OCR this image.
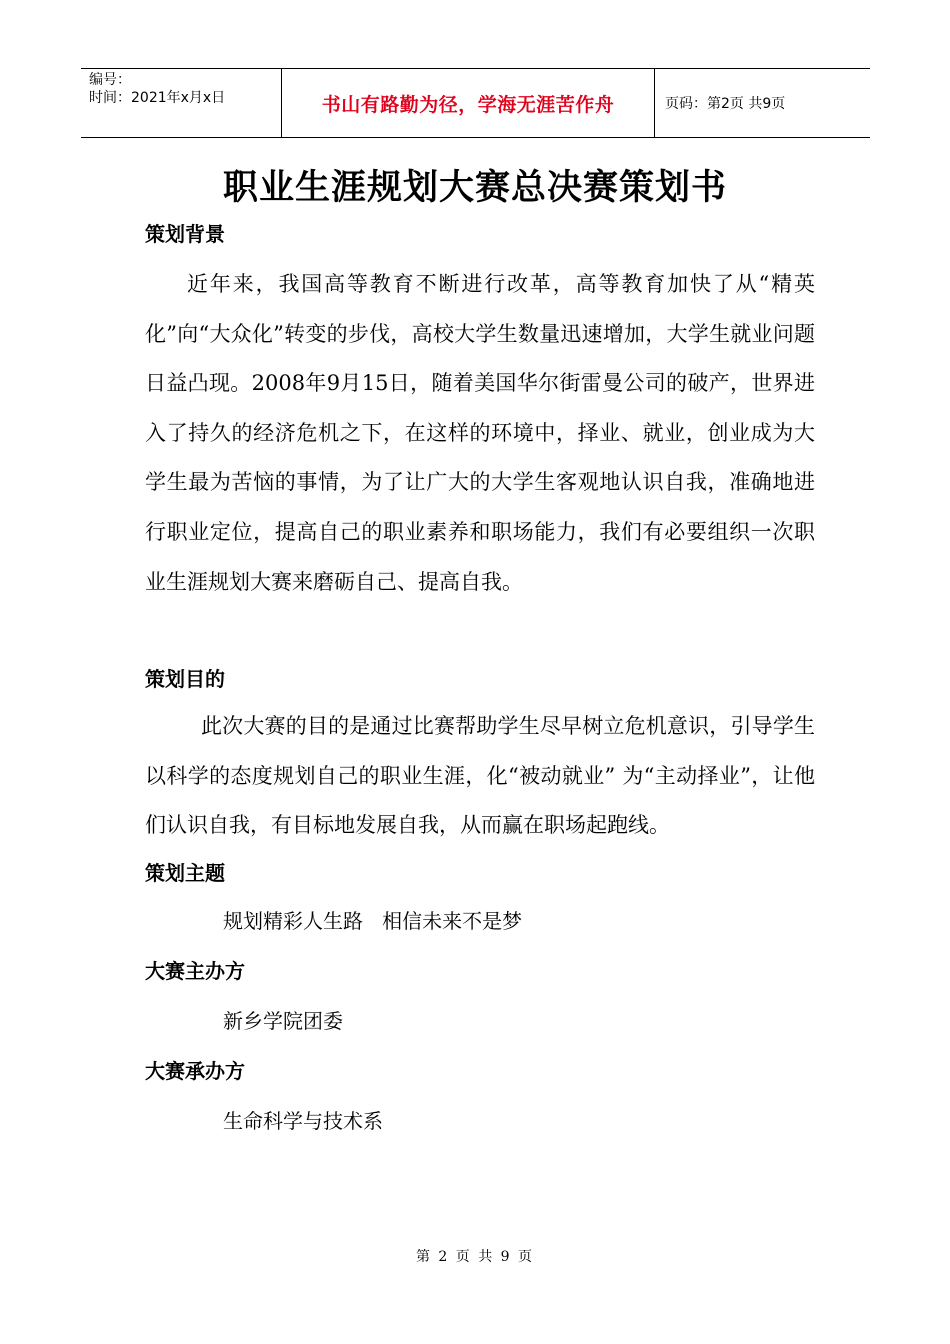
编号：
时间：2021年x月x日	书山有路勤为径，学海无涯苦作舟	页码：第2页 共9页
职业生涯规划大赛总决赛策划书
策划背景
近年来，我国高等教育不断进行改革，高等教育加快了从“精英化”向“大众化”转变的步伐，高校大学生数量迅速增加，大学生就业问题日益凸现。2008年9月15日，随着美国华尔街雷曼公司的破产，世界进入了持久的经济危机之下，在这样的环境中，择业、就业，创业成为大学生最为苦恼的事情，为了让广大的大学生客观地认识自我，准确地进行职业定位，提高自己的职业素养和职场能力，我们有必要组织一次职业生涯规划大赛来磨砺自己、提高自我。
策划目的
此次大赛的目的是通过比赛帮助学生尽早树立危机意识，引导学生以科学的态度规划自己的职业生涯，化“被动就业” 为“主动择业”，让他们认识自我，有目标地发展自我，从而赢在职场起跑线。
策划主题
规划精彩人生路   相信未来不是梦
大赛主办方
新乡学院团委
大赛承办方
生命科学与技术系
第 2 页 共 9 页
